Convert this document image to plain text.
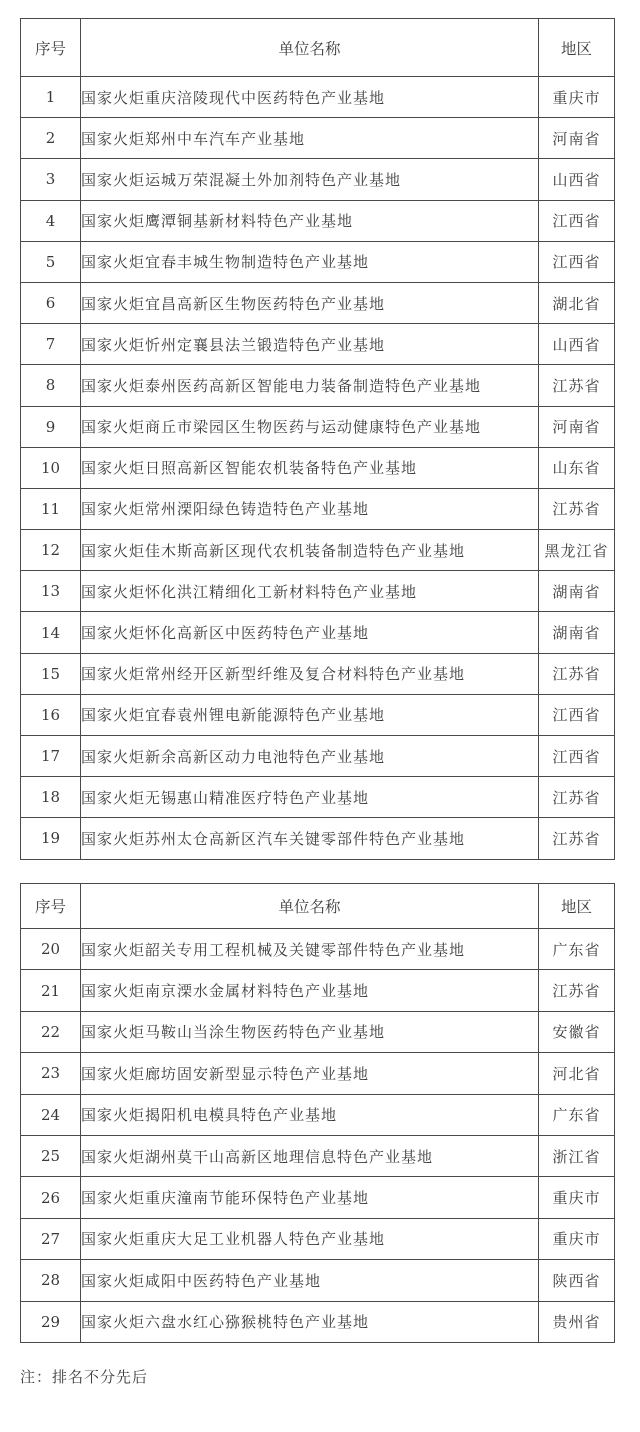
序号	单位名称	地区
1	国家火炬重庆涪陵现代中医药特色产业基地	重庆市
2	国家火炬郑州中车汽车产业基地	河南省
3	国家火炬运城万荣混凝土外加剂特色产业基地	山西省
4	国家火炬鹰潭铜基新材料特色产业基地	江西省
5	国家火炬宜春丰城生物制造特色产业基地	江西省
6	国家火炬宜昌高新区生物医药特色产业基地	湖北省
7	国家火炬忻州定襄县法兰锻造特色产业基地	山西省
8	国家火炬泰州医药高新区智能电力装备制造特色产业基地	江苏省
9	国家火炬商丘市梁园区生物医药与运动健康特色产业基地	河南省
10	国家火炬日照高新区智能农机装备特色产业基地	山东省
11	国家火炬常州溧阳绿色铸造特色产业基地	江苏省
12	国家火炬佳木斯高新区现代农机装备制造特色产业基地	黑龙江省
13	国家火炬怀化洪江精细化工新材料特色产业基地	湖南省
14	国家火炬怀化高新区中医药特色产业基地	湖南省
15	国家火炬常州经开区新型纤维及复合材料特色产业基地	江苏省
16	国家火炬宜春袁州锂电新能源特色产业基地	江西省
17	国家火炬新余高新区动力电池特色产业基地	江西省
18	国家火炬无锡惠山精准医疗特色产业基地	江苏省
19	国家火炬苏州太仓高新区汽车关键零部件特色产业基地	江苏省
序号	单位名称	地区
20	国家火炬韶关专用工程机械及关键零部件特色产业基地	广东省
21	国家火炬南京溧水金属材料特色产业基地	江苏省
22	国家火炬马鞍山当涂生物医药特色产业基地	安徽省
23	国家火炬廊坊固安新型显示特色产业基地	河北省
24	国家火炬揭阳机电模具特色产业基地	广东省
25	国家火炬湖州莫干山高新区地理信息特色产业基地	浙江省
26	国家火炬重庆潼南节能环保特色产业基地	重庆市
27	国家火炬重庆大足工业机器人特色产业基地	重庆市
28	国家火炬咸阳中医药特色产业基地	陕西省
29	国家火炬六盘水红心猕猴桃特色产业基地	贵州省
注：排名不分先后
